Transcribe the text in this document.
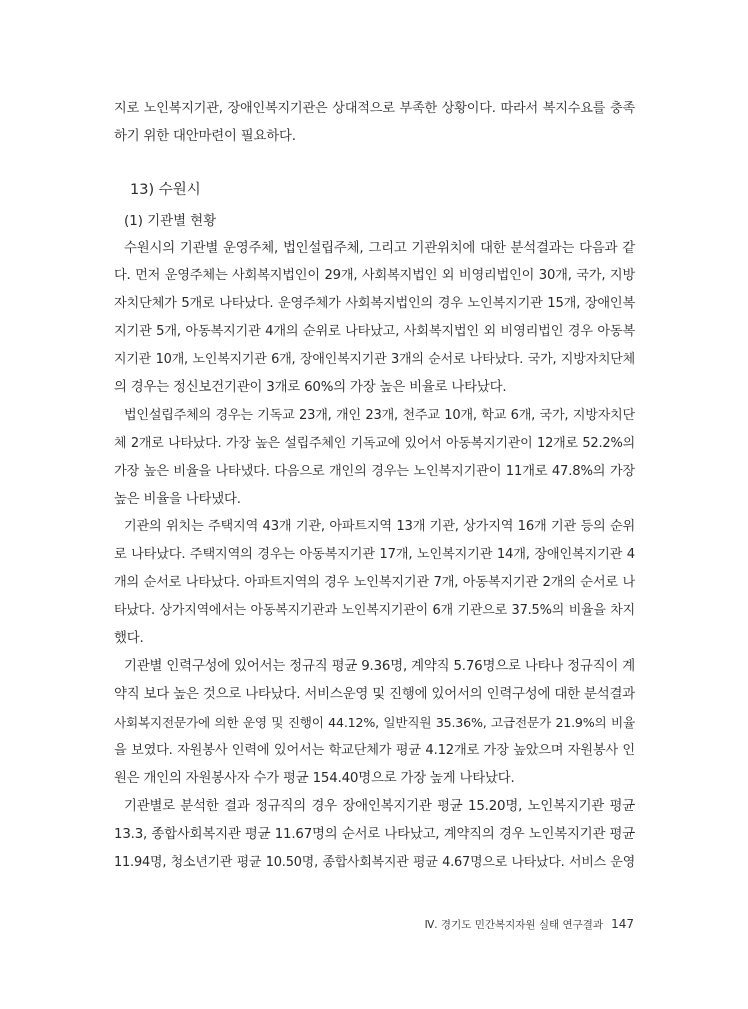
지로 노인복지기관, 장애인복지기관은 상대적으로 부족한 상황이다. 따라서 복지수요를 충족
하기 위한 대안마련이 필요하다.
13) 수원시
(1) 기관별 현황
수원시의 기관별 운영주체, 법인설립주체, 그리고 기관위치에 대한 분석결과는 다음과 같
다. 먼저 운영주체는 사회복지법인이 29개, 사회복지법인 외 비영리법인이 30개, 국가, 지방
자치단체가 5개로 나타났다. 운영주체가 사회복지법인의 경우 노인복지기관 15개, 장애인복
지기관 5개, 아동복지기관 4개의 순위로 나타났고, 사회복지법인 외 비영리법인 경우 아동복
지기관 10개, 노인복지기관 6개, 장애인복지기관 3개의 순서로 나타났다. 국가, 지방자치단체
의 경우는 정신보건기관이 3개로 60%의 가장 높은 비율로 나타났다.
법인설립주체의 경우는 기독교 23개, 개인 23개, 천주교 10개, 학교 6개, 국가, 지방자치단
체 2개로 나타났다. 가장 높은 설립주체인 기독교에 있어서 아동복지기관이 12개로 52.2%의
가장 높은 비율을 나타냈다. 다음으로 개인의 경우는 노인복지기관이 11개로 47.8%의 가장
높은 비율을 나타냈다.
기관의 위치는 주택지역 43개 기관, 아파트지역 13개 기관, 상가지역 16개 기관 등의 순위
로 나타났다. 주택지역의 경우는 아동복지기관 17개, 노인복지기관 14개, 장애인복지기관 4
개의 순서로 나타났다. 아파트지역의 경우 노인복지기관 7개, 아동복지기관 2개의 순서로 나
타났다. 상가지역에서는 아동복지기관과 노인복지기관이 6개 기관으로 37.5%의 비율을 차지
했다.
기관별 인력구성에 있어서는 정규직 평균 9.36명, 계약직 5.76명으로 나타나 정규직이 계
약직 보다 높은 것으로 나타났다. 서비스운영 및 진행에 있어서의 인력구성에 대한 분석결과
사회복지전문가에 의한 운영 및 진행이 44.12%, 일반직원 35.36%, 고급전문가 21.9%의 비율
을 보였다. 자원봉사 인력에 있어서는 학교단체가 평균 4.12개로 가장 높았으며 자원봉사 인
원은 개인의 자원봉사자 수가 평균 154.40명으로 가장 높게 나타났다.
기관별로 분석한 결과 정규직의 경우 장애인복지기관 평균 15.20명, 노인복지기관 평균
13.3, 종합사회복지관 평균 11.67명의 순서로 나타났고, 계약직의 경우 노인복지기관 평균
11.94명, 청소년기관 평균 10.50명, 종합사회복지관 평균 4.67명으로 나타났다. 서비스 운영
Ⅳ. 경기도 민간복지자원 실태 연구결과 147
